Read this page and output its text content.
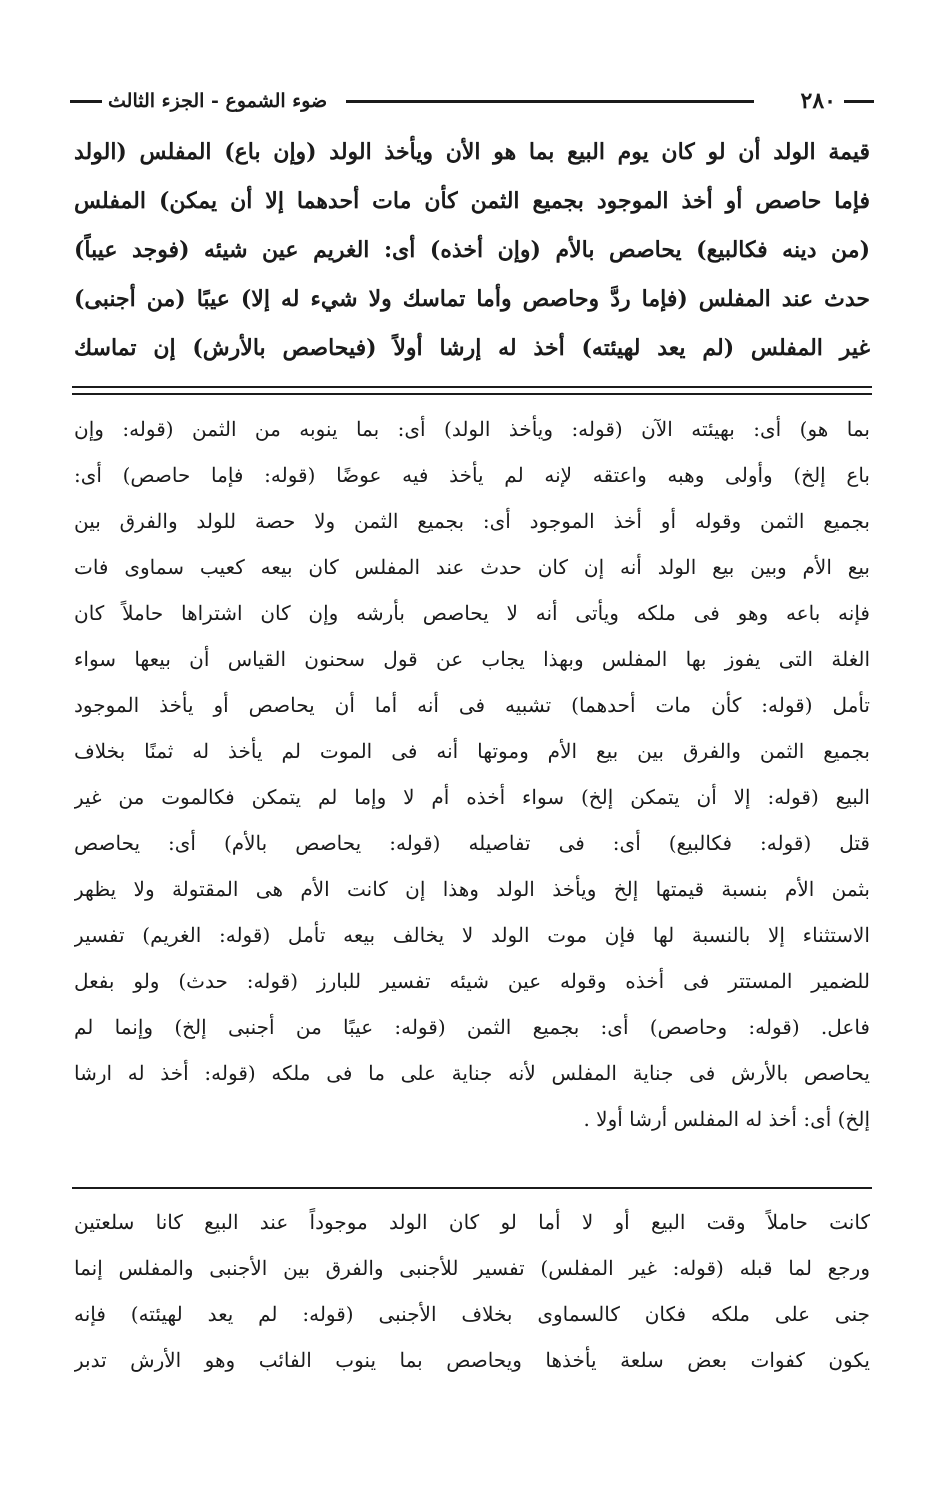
٢٨٠
ضوء الشموع - الجزء الثالث
قيمة الولد أن لو كان يوم البيع بما هو الأن ويأخذ الولد (وإن باع) المفلس (الولد
فإما حاصص أو أخذ الموجود بجميع الثمن كأن مات أحدهما إلا أن يمكن) المفلس
(من دينه فكالبيع) يحاصص بالأم (وإن أخذه) أى: الغريم عين شيئه (فوجد عيباً)
حدث عند المفلس (فإما ردَّ وحاصص وأما تماسك ولا شيء له إلا) عيبًا (من أجنبى)
غير المفلس (لم يعد لهيئته) أخذ له إرشا أولاً (فيحاصص بالأرش) إن تماسك
بما هو) أى: بهيئته الآن (قوله: ويأخذ الولد) أى: بما ينوبه من الثمن (قوله: وإن
باع إلخ) وأولى وهبه واعتقه لإنه لم يأخذ فيه عوضًا (قوله: فإما حاصص) أى:
بجميع الثمن وقوله أو أخذ الموجود أى: بجميع الثمن ولا حصة للولد والفرق بين
بيع الأم وبين بيع الولد أنه إن كان حدث عند المفلس كان بيعه كعيب سماوى فات
فإنه باعه وهو فى ملكه ويأتى أنه لا يحاصص بأرشه وإن كان اشتراها حاملاً كان
الغلة التى يفوز بها المفلس وبهذا يجاب عن قول سحنون القياس أن بيعها سواء
تأمل (قوله: كأن مات أحدهما) تشبيه فى أنه أما أن يحاصص أو يأخذ الموجود
بجميع الثمن والفرق بين بيع الأم وموتها أنه فى الموت لم يأخذ له ثمنًا بخلاف
البيع (قوله: إلا أن يتمكن إلخ) سواء أخذه أم لا وإما لم يتمكن فكالموت من غير
قتل (قوله: فكالبيع) أى: فى تفاصيله (قوله: يحاصص بالأم) أى: يحاصص
بثمن الأم بنسبة قيمتها إلخ ويأخذ الولد وهذا إن كانت الأم هى المقتولة ولا يظهر
الاستثناء إلا بالنسبة لها فإن موت الولد لا يخالف بيعه تأمل (قوله: الغريم) تفسير
للضمير المستتر فى أخذه وقوله عين شيئه تفسير للبارز (قوله: حدث) ولو بفعل
فاعل. (قوله: وحاصص) أى: بجميع الثمن (قوله: عيبًا من أجنبى إلخ) وإنما لم
يحاصص بالأرش فى جناية المفلس لأنه جناية على ما فى ملكه (قوله: أخذ له ارشا
إلخ) أى: أخذ له المفلس أرشا أولا .
كانت حاملاً وقت البيع أو لا أما لو كان الولد موجوداً عند البيع كانا سلعتين
ورجع لما قبله (قوله: غير المفلس) تفسير للأجنبى والفرق بين الأجنبى والمفلس إنما
جنى على ملكه فكان كالسماوى بخلاف الأجنبى (قوله: لم يعد لهيئته) فإنه
يكون كفوات بعض سلعة يأخذها ويحاصص بما ينوب الفائب وهو الأرش تدبر
